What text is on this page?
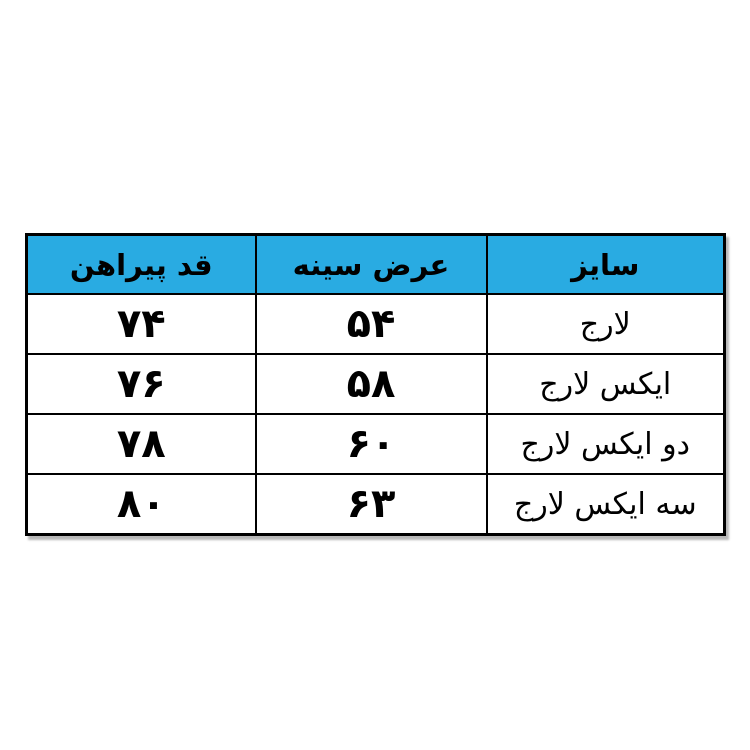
سایز	عرض سینه	قد پیراهن
لارج	۵۴	۷۴
ایکس لارج	۵۸	۷۶
دو ایکس لارج	۶۰	۷۸
سه ایکس لارج	۶۳	۸۰
